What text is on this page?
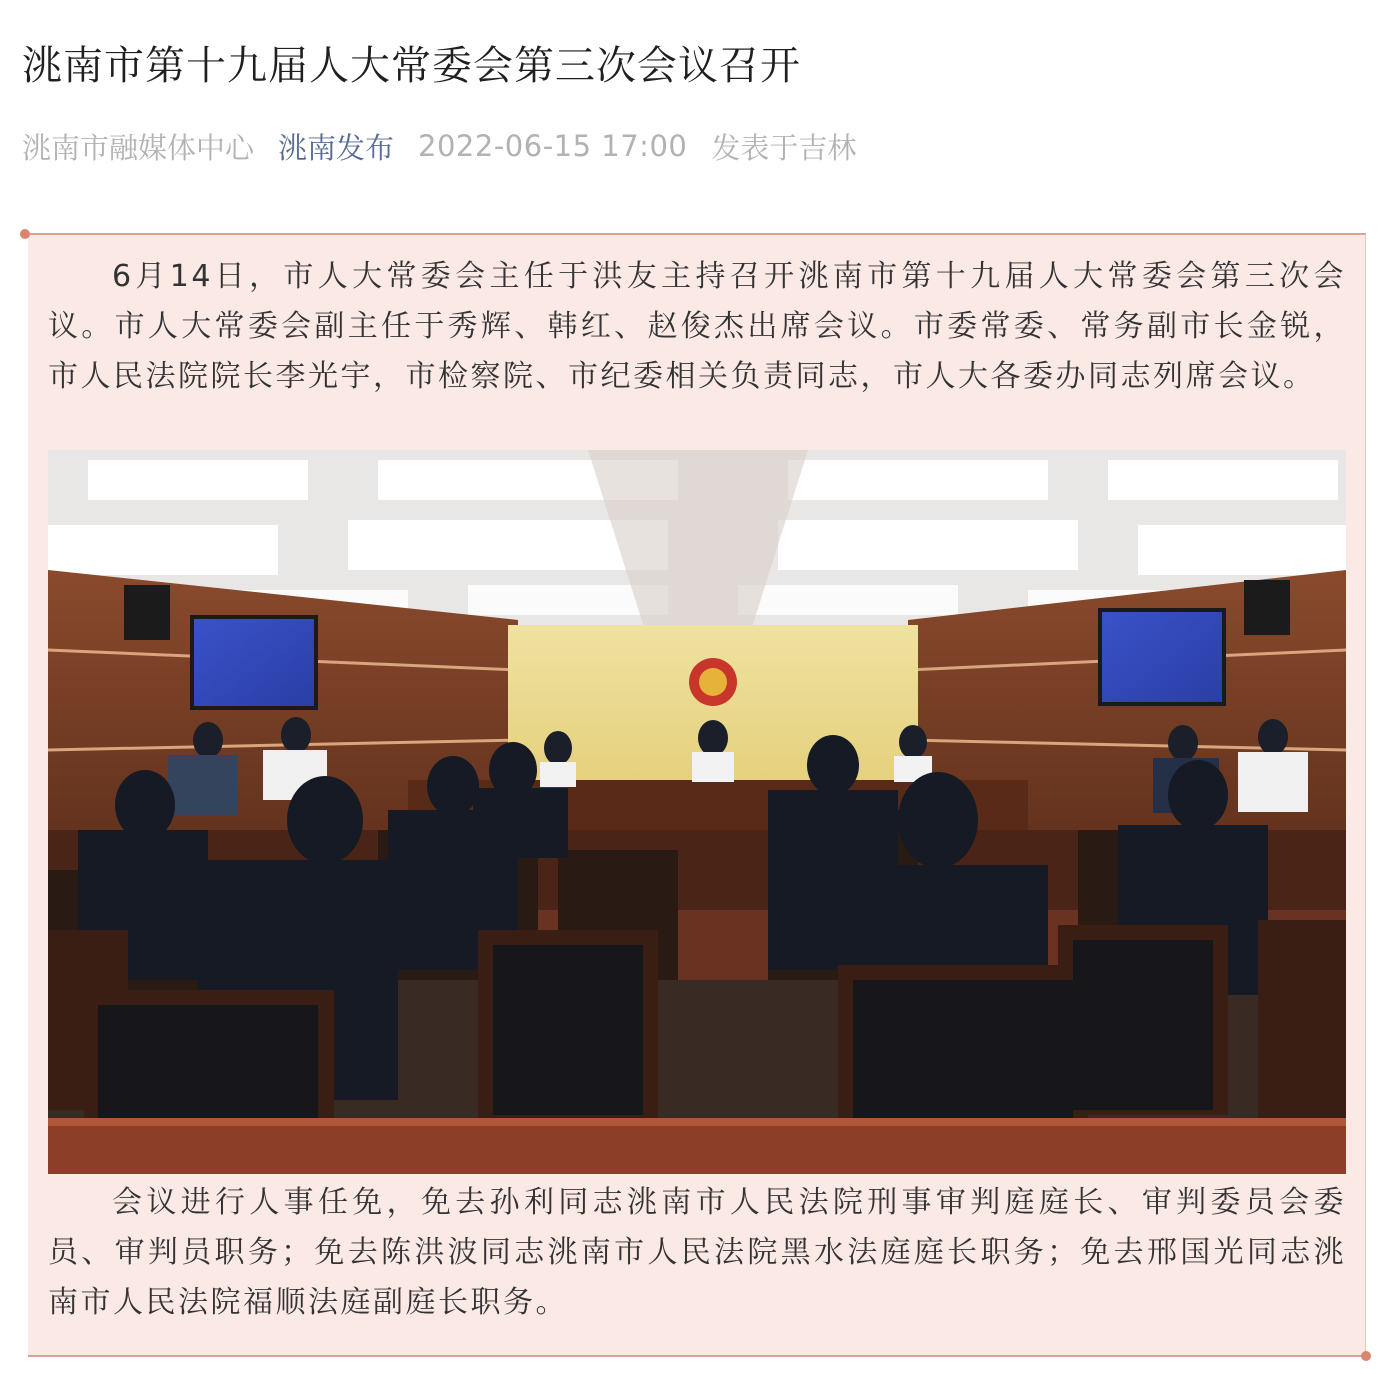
洮南市第十九届人大常委会第三次会议召开
洮南市融媒体中心 洮南发布 2022-06-15 17:00 发表于吉林

6月14日，市人大常委会主任于洪友主持召开洮南市第十九届人大常委会第三次会议。市人大常委会副主任于秀辉、韩红、赵俊杰出席会议。市委常委、常务副市长金锐，市人民法院院长李光宇，市检察院、市纪委相关负责同志，市人大各委办同志列席会议。

会议进行人事任免，免去孙利同志洮南市人民法院刑事审判庭庭长、审判委员会委员、审判员职务；免去陈洪波同志洮南市人民法院黑水法庭庭长职务；免去邢国光同志洮南市人民法院福顺法庭副庭长职务。
